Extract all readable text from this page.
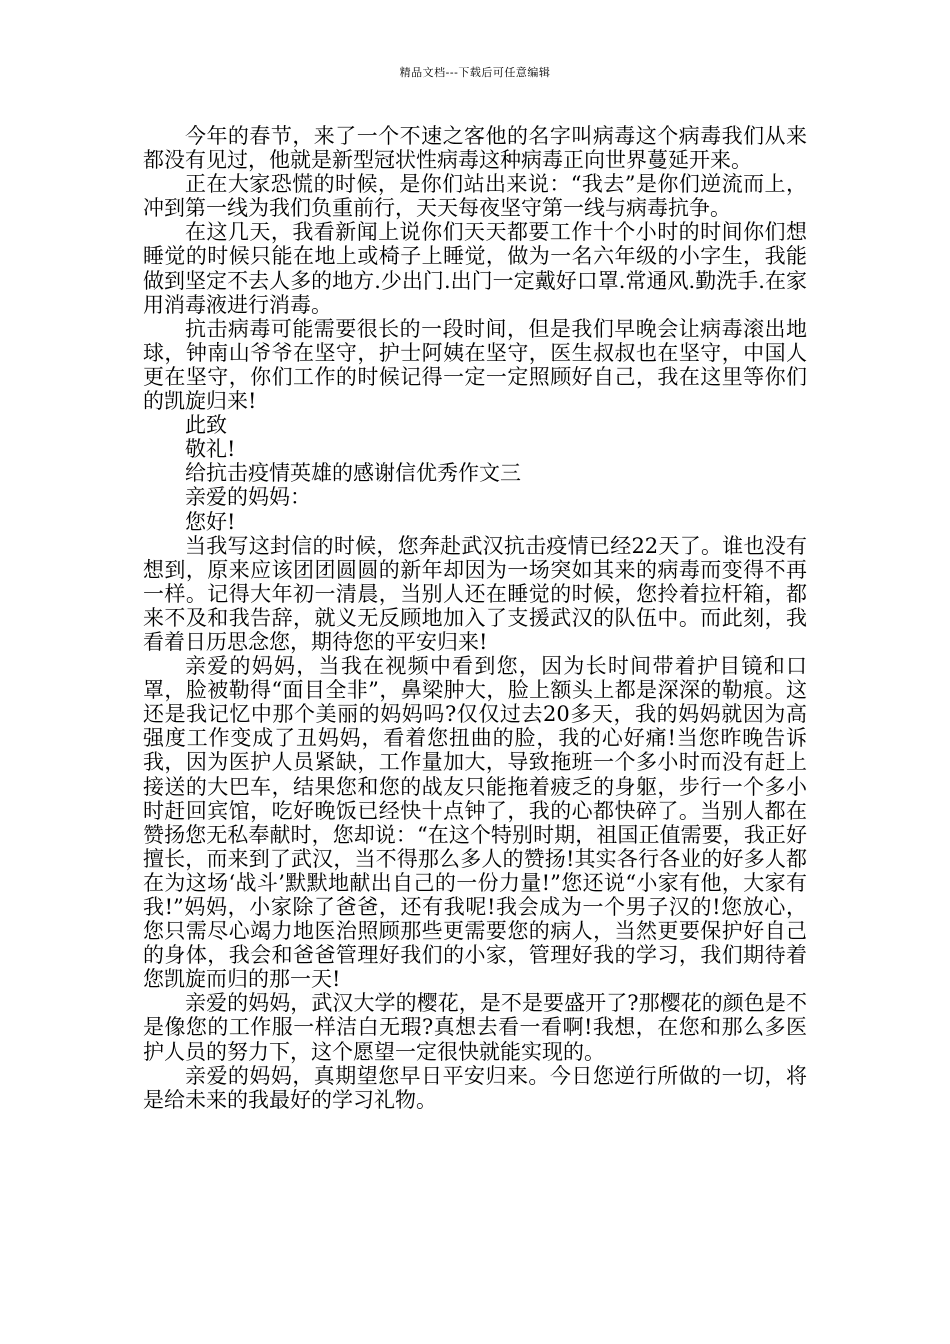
精品文档---下载后可任意编辑

今年的春节，来了一个不速之客他的名字叫病毒这个病毒我们从来都没有见过，他就是新型冠状性病毒这种病毒正向世界蔓延开来。

正在大家恐慌的时候，是你们站出来说：“我去”是你们逆流而上，冲到第一线为我们负重前行，天天每夜坚守第一线与病毒抗争。

在这几天，我看新闻上说你们天天都要工作十个小时的时间你们想睡觉的时候只能在地上或椅子上睡觉，做为一名六年级的小字生，我能做到坚定不去人多的地方.少出门.出门一定戴好口罩.常通风.勤洗手.在家用消毒液进行消毒。

抗击病毒可能需要很长的一段时间，但是我们早晚会让病毒滚出地球，钟南山爷爷在坚守，护士阿姨在坚守，医生叔叔也在坚守，中国人更在坚守，你们工作的时候记得一定一定照顾好自己，我在这里等你们的凯旋归来!

此致

敬礼!

给抗击疫情英雄的感谢信优秀作文三

亲爱的妈妈：

您好!

当我写这封信的时候，您奔赴武汉抗击疫情已经22天了。谁也没有想到，原来应该团团圆圆的新年却因为一场突如其来的病毒而变得不再一样。记得大年初一清晨，当别人还在睡觉的时候，您拎着拉杆箱，都来不及和我告辞，就义无反顾地加入了支援武汉的队伍中。而此刻，我看着日历思念您，期待您的平安归来!

亲爱的妈妈，当我在视频中看到您，因为长时间带着护目镜和口罩，脸被勒得“面目全非”，鼻梁肿大，脸上额头上都是深深的勒痕。这还是我记忆中那个美丽的妈妈吗?仅仅过去20多天，我的妈妈就因为高强度工作变成了丑妈妈，看着您扭曲的脸，我的心好痛!当您昨晚告诉我，因为医护人员紧缺，工作量加大，导致拖班一个多小时而没有赶上接送的大巴车，结果您和您的战友只能拖着疲乏的身躯，步行一个多小时赶回宾馆，吃好晚饭已经快十点钟了，我的心都快碎了。当别人都在赞扬您无私奉献时，您却说：“在这个特别时期，祖国正值需要，我正好擅长，而来到了武汉，当不得那么多人的赞扬!其实各行各业的好多人都在为这场‘战斗’默默地献出自己的一份力量!”您还说“小家有他，大家有我!”妈妈，小家除了爸爸，还有我呢!我会成为一个男子汉的!您放心，您只需尽心竭力地医治照顾那些更需要您的病人，当然更要保护好自己的身体，我会和爸爸管理好我们的小家，管理好我的学习，我们期待着您凯旋而归的那一天!

亲爱的妈妈，武汉大学的樱花，是不是要盛开了?那樱花的颜色是不是像您的工作服一样洁白无瑕?真想去看一看啊!我想，在您和那么多医护人员的努力下，这个愿望一定很快就能实现的。

亲爱的妈妈，真期望您早日平安归来。今日您逆行所做的一切，将是给未来的我最好的学习礼物。
